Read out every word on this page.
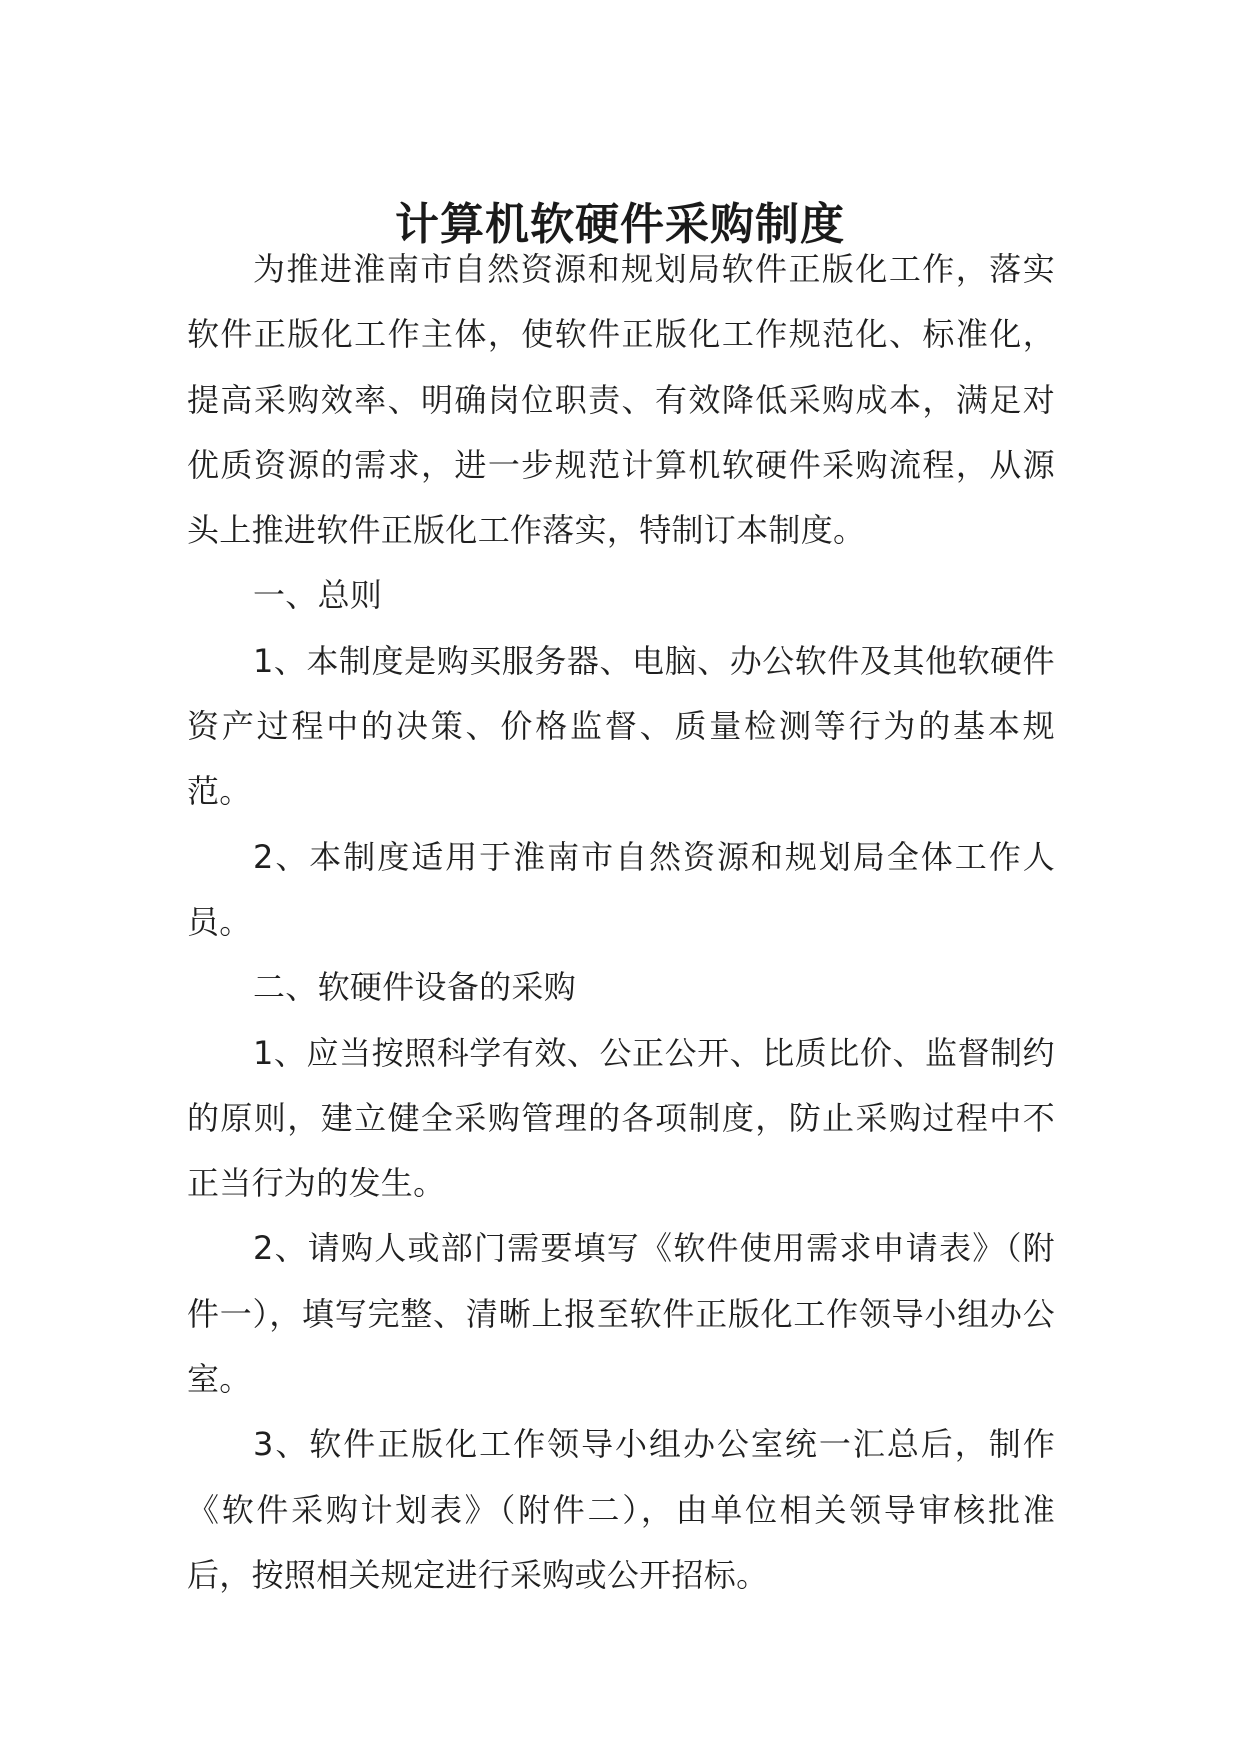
计算机软硬件采购制度

为推进淮南市自然资源和规划局软件正版化工作，落实软件正版化工作主体，使软件正版化工作规范化、标准化，提高采购效率、明确岗位职责、有效降低采购成本，满足对优质资源的需求，进一步规范计算机软硬件采购流程，从源头上推进软件正版化工作落实，特制订本制度。

一、总则

1、本制度是购买服务器、电脑、办公软件及其他软硬件资产过程中的决策、价格监督、质量检测等行为的基本规范。

2、本制度适用于淮南市自然资源和规划局全体工作人员。

二、软硬件设备的采购

1、应当按照科学有效、公正公开、比质比价、监督制约的原则，建立健全采购管理的各项制度，防止采购过程中不正当行为的发生。

2、请购人或部门需要填写《软件使用需求申请表》（附件一），填写完整、清晰上报至软件正版化工作领导小组办公室。

3、软件正版化工作领导小组办公室统一汇总后，制作《软件采购计划表》（附件二），由单位相关领导审核批准后，按照相关规定进行采购或公开招标。
